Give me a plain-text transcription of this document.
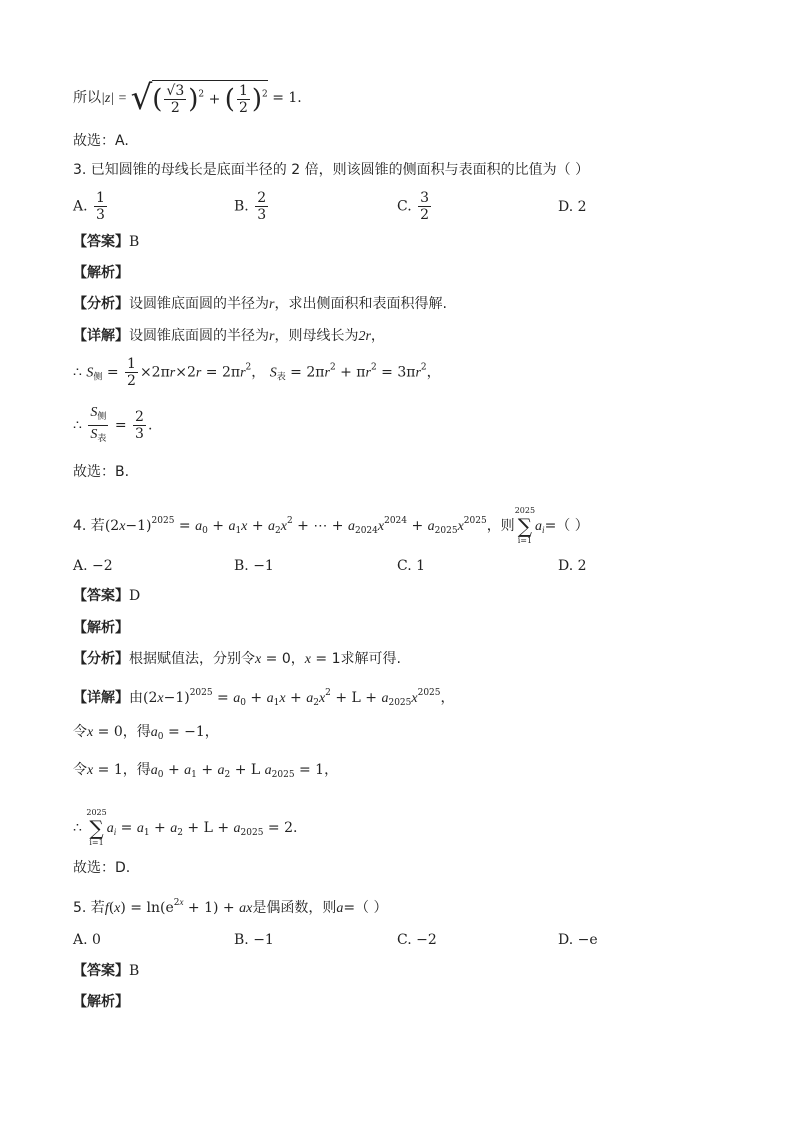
所以|z| = √( $\frac{√3}{2} )^2$ + ( $\frac{1}{2} )^2 = 1$.
故选：A.
3. 已知圆锥的母线长是底面半径的 2 倍，则该圆锥的侧面积与表面积的比值为（ ）
A. $\frac{1}{3}$	B. $\frac{2}{3}$	C. $\frac{3}{2}$	D. 2
【答案】B
【解析】
【分析】设圆锥底面圆的半径为r，求出侧面积和表面积得解.
【详解】设圆锥底面圆的半径为r，则母线长为2r，
∴ $S_侧 = \frac{1}{2} \times 2\pi r\times 2r = 2\pi r^2$， $S_表 = 2\pi r^2 + \pi r^2 = 3\pi r^2$，
∴ $\frac{S_侧}{S_表} = \frac{2}{3}$ .
故选：B.
4. 若$(2x-1)^{2025} = a_0 + a_1x + a_2x^2$ + ⋯ + $a_{2024}x^{2024} + a_{2025}x^{2025}$，则
2025
∑
i=1
$a_i=$（ ）
A. −2	B. −1	C. 1	D. 2
【答案】D
【解析】
【分析】根据赋值法，分别令x = 0，x = 1求解可得.
【详解】由$(2x-1)^{2025} = a_0 + a_1x + a_2x^2 + L + a_{2025}x^{2025}$，
令x = 0，得$a_0 = -1$，
令x = 1，得$a_0 + a_1 + a_2 + L$ $a_{2025} = 1$，
∴
2025
∑
i=1
$a_i = a_1 + a_2 + L + a_{2025} = 2$.
故选：D.
5. 若$f(x) = \ln(e^{2x} + 1)$ + ax是偶函数，则a=（ ）
A. 0	B. −1	C. −2	D. −e
【答案】B
【解析】
